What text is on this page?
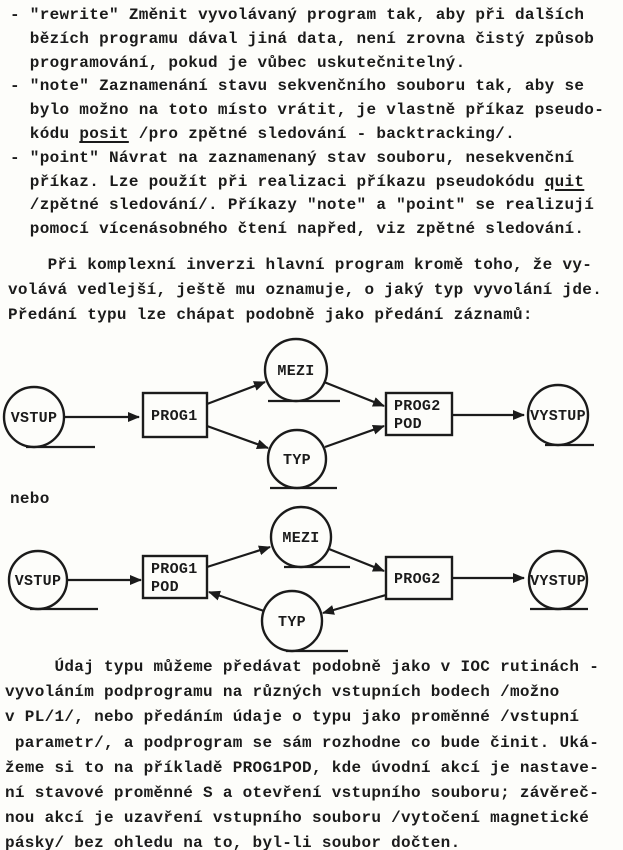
- "rewrite" Změnit vyvolávaný program tak, aby při dalších
bězích programu dával jiná data, není zrovna čistý způsob
programování, pokud je vůbec uskutečnitelný.
- "note" Zaznamenání stavu sekvenčního souboru tak, aby se
bylo možno na toto místo vrátit, je vlastně příkaz pseudo-
kódu posit /pro zpětné sledování - backtracking/.
- "point" Návrat na zaznamenaný stav souboru, nesekvenční
příkaz. Lze použít při realizaci příkazu pseudokódu quit
/zpětné sledování/. Příkazy "note" a "point" se realizují
pomocí vícenásobného čtení napřed, viz zpětné sledování.
Při komplexní inverzi hlavní program kromě toho, že vy-
volává vedlejší, ještě mu oznamuje, o jaký typ vyvolání jde.
Předání typu lze chápat podobně jako předání záznamů:
VSTUP	PROG1
MEZI
TYP
PROG2
POD	VYSTUP
nebo
VSTUP
PROG1
POD
MEZI
TYP
PROG2	VYSTUP
Údaj typu můžeme předávat podobně jako v IOC rutinách -
vyvoláním podprogramu na různých vstupních bodech /možno
v PL/1/, nebo předáním údaje o typu jako proměnné /vstupní
parametr/, a podprogram se sám rozhodne co bude činit. Uká-
žeme si to na příkladě PROG1POD, kde úvodní akcí je nastave-
ní stavové proměnné S a otevření vstupního souboru; závěreč-
nou akcí je uzavření vstupního souboru /vytočení magnetické
pásky/ bez ohledu na to, byl-li soubor dočten.
